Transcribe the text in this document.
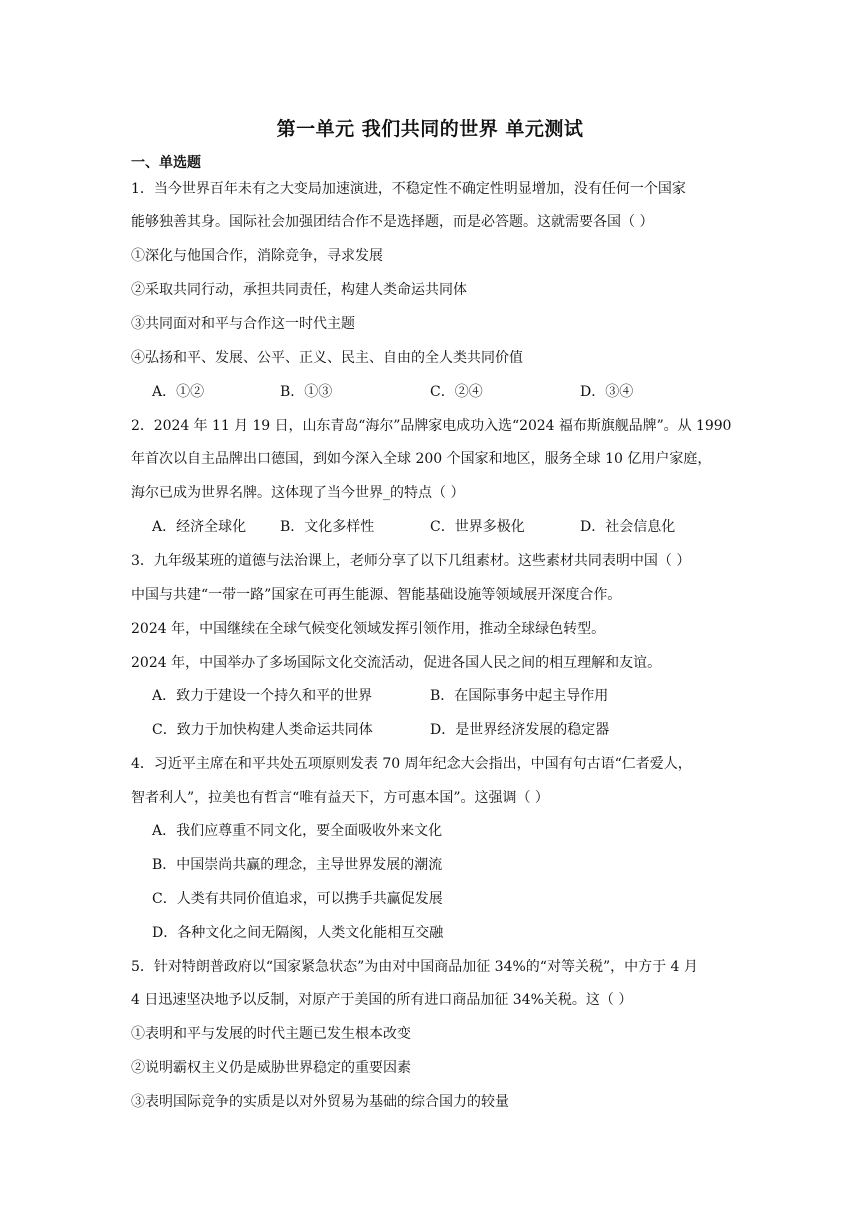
第一单元 我们共同的世界 单元测试
一、单选题
1．当今世界百年未有之大变局加速演进，不稳定性不确定性明显增加，没有任何一个国家
能够独善其身。国际社会加强团结合作不是选择题，而是必答题。这就需要各国（ ）
①深化与他国合作，消除竞争，寻求发展
②采取共同行动，承担共同责任，构建人类命运共同体
③共同面对和平与合作这一时代主题
④弘扬和平、发展、公平、正义、民主、自由的全人类共同价值
A．①②	B．①③	C．②④	D．③④
2．2024 年 11 月 19 日，山东青岛“海尔”品牌家电成功入选“2024 福布斯旗舰品牌”。从 1990
年首次以自主品牌出口德国，到如今深入全球 200 个国家和地区，服务全球 10 亿用户家庭，
海尔已成为世界名牌。这体现了当今世界_的特点（ ）
A．经济全球化 B．文化多样性	C．世界多极化	D．社会信息化
3．九年级某班的道德与法治课上，老师分享了以下几组素材。这些素材共同表明中国（ ）
中国与共建“一带一路”国家在可再生能源、智能基础设施等领域展开深度合作。
2024 年，中国继续在全球气候变化领域发挥引领作用，推动全球绿色转型。
2024 年，中国举办了多场国际文化交流活动，促进各国人民之间的相互理解和友谊。
A．致力于建设一个持久和平的世界	B．在国际事务中起主导作用
C．致力于加快构建人类命运共同体	D．是世界经济发展的稳定器
4．习近平主席在和平共处五项原则发表 70 周年纪念大会指出，中国有句古语“仁者爱人，
智者利人”，拉美也有哲言“唯有益天下，方可惠本国”。这强调（ ）
A．我们应尊重不同文化，要全面吸收外来文化
B．中国崇尚共赢的理念，主导世界发展的潮流
C．人类有共同价值追求，可以携手共赢促发展
D．各种文化之间无隔阂，人类文化能相互交融
5．针对特朗普政府以“国家紧急状态”为由对中国商品加征 34%的“对等关税”，中方于 4 月
4 日迅速坚决地予以反制，对原产于美国的所有进口商品加征 34%关税。这（ ）
①表明和平与发展的时代主题已发生根本改变
②说明霸权主义仍是威胁世界稳定的重要因素
③表明国际竞争的实质是以对外贸易为基础的综合国力的较量
